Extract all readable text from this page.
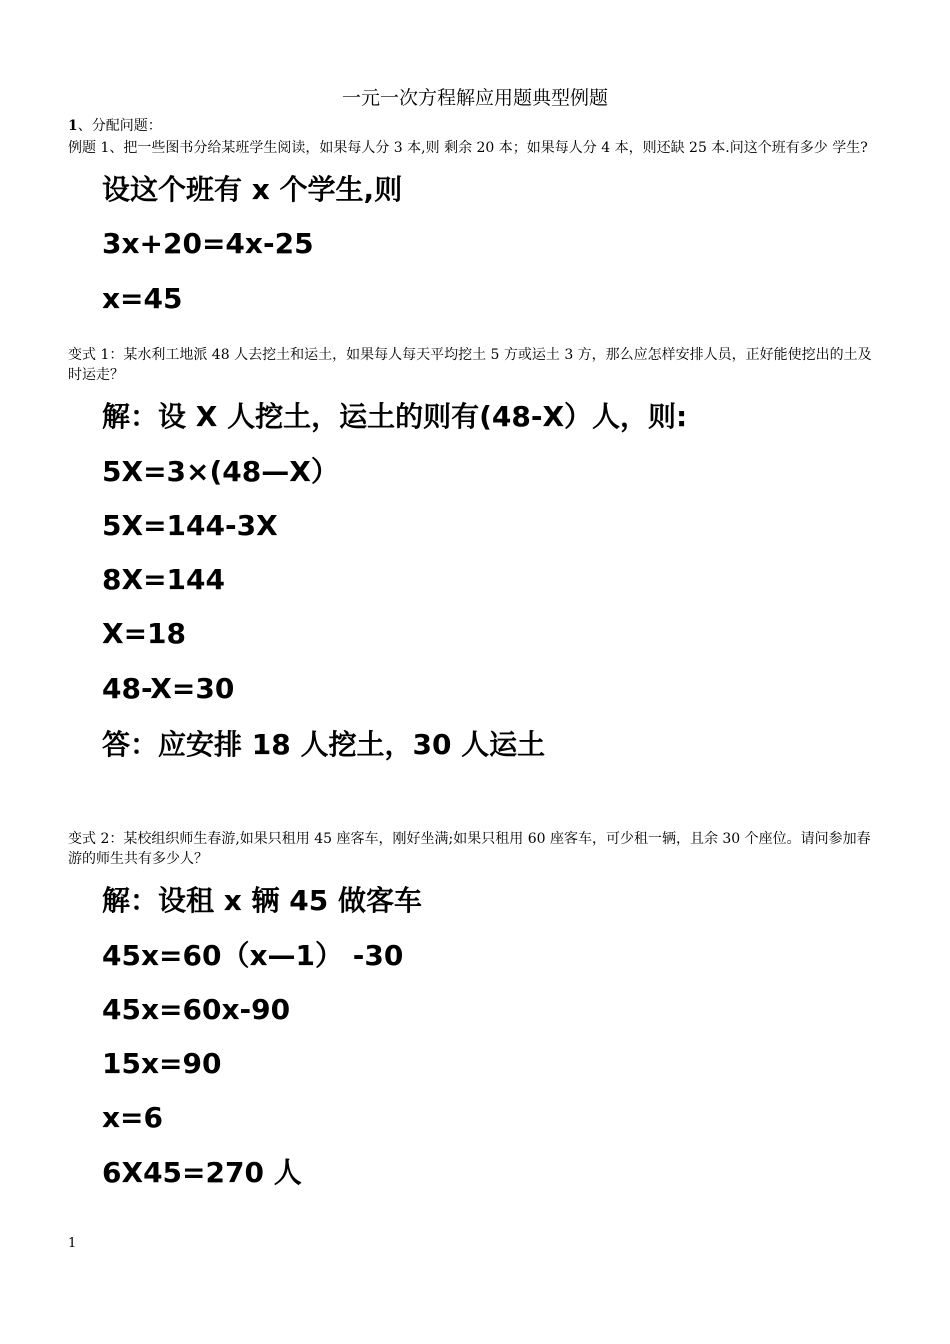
一元一次方程解应用题典型例题
1、分配问题：
例题 1、把一些图书分给某班学生阅读，如果每人分 3 本,则 剩余 20 本；如果每人分 4 本，则还缺 25 本.问这个班有多少 学生?
设这个班有 x 个学生,则
3x+20=4x-25
x=45
变式 1：某水利工地派 48 人去挖土和运土，如果每人每天平均挖土 5 方或运土 3 方，那么应怎样安排人员，正好能使挖出的土及时运走？
解：设 X 人挖土，运土的则有(48-X）人，则:
5X=3×(48—X）
5X=144-3X
8X=144
X=18
48-X=30
答：应安排 18 人挖土，30 人运土
变式 2：某校组织师生春游,如果只租用 45 座客车，刚好坐满;如果只租用 60 座客车，可少租一辆，且余 30 个座位。请问参加春游的师生共有多少人？
解：设租 x 辆 45 做客车
45x=60（x—1） -30
45x=60x-90
15x=90
x=6
6X45=270 人
1
